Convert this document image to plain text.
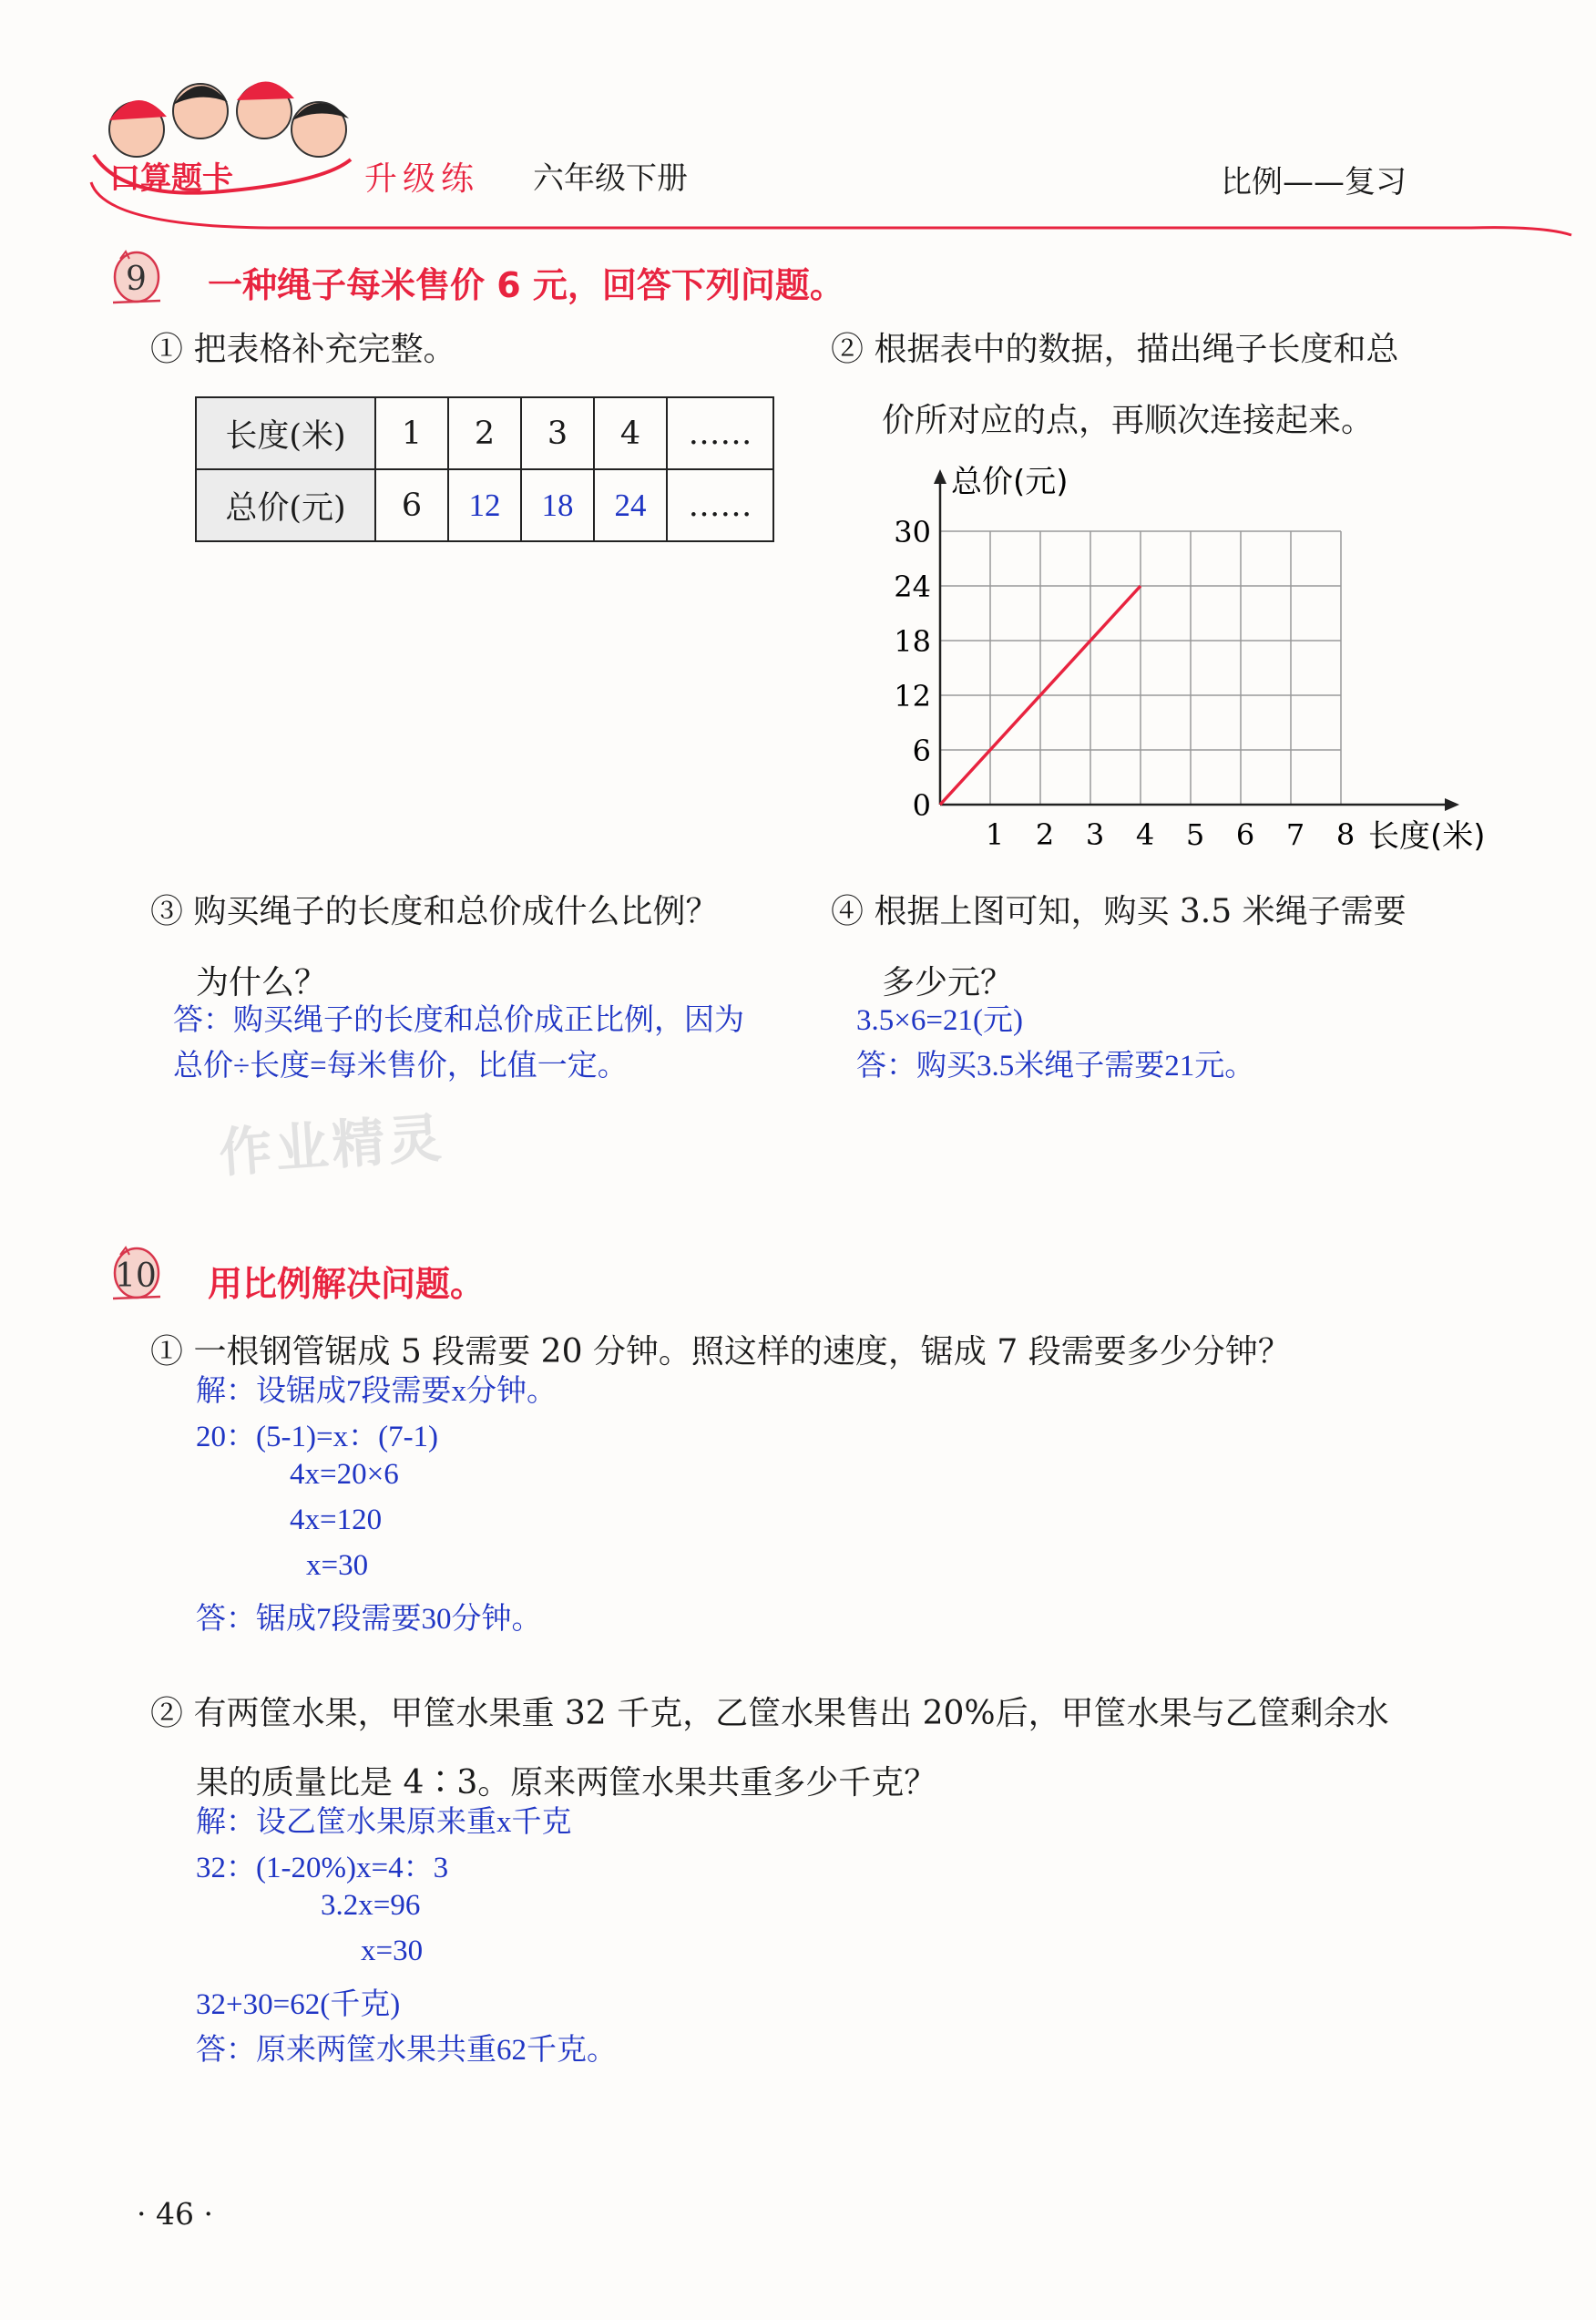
口算题卡	升级练 六年级下册	比例——复习
9 一种绳子每米售价 6 元，回答下列问题。
① 把表格补充完整。
长度(米)	1	2	3	4	……
总价(元)	6	12	18	24	……
② 根据表中的数据，描出绳子长度和总
价所对应的点，再顺次连接起来。
1 2 3 4 5 6 7 8
0
6
12
18
24
30
长度(米)
总价(元)
③ 购买绳子的长度和总价成什么比例？
为什么？
答：购买绳子的长度和总价成正比例，因为
总价÷长度=每米售价，比值一定。
④ 根据上图可知，购买 3.5 米绳子需要
多少元？
3.5×6=21(元)
答：购买3.5米绳子需要21元。
作业精灵
10 用比例解决问题。
① 一根钢管锯成 5 段需要 20 分钟。照这样的速度，锯成 7 段需要多少分钟？
解：设锯成7段需要x分钟。
20：(5-1)=x：(7-1)
4x=20×6
4x=120
x=30
答：锯成7段需要30分钟。
② 有两筐水果，甲筐水果重 32 千克，乙筐水果售出 20%后，甲筐水果与乙筐剩余水
果的质量比是 4∶3。原来两筐水果共重多少千克？
解：设乙筐水果原来重x千克
32：(1-20%)x=4：3
3.2x=96
x=30
32+30=62(千克)
答：原来两筐水果共重62千克。
· 46 ·
